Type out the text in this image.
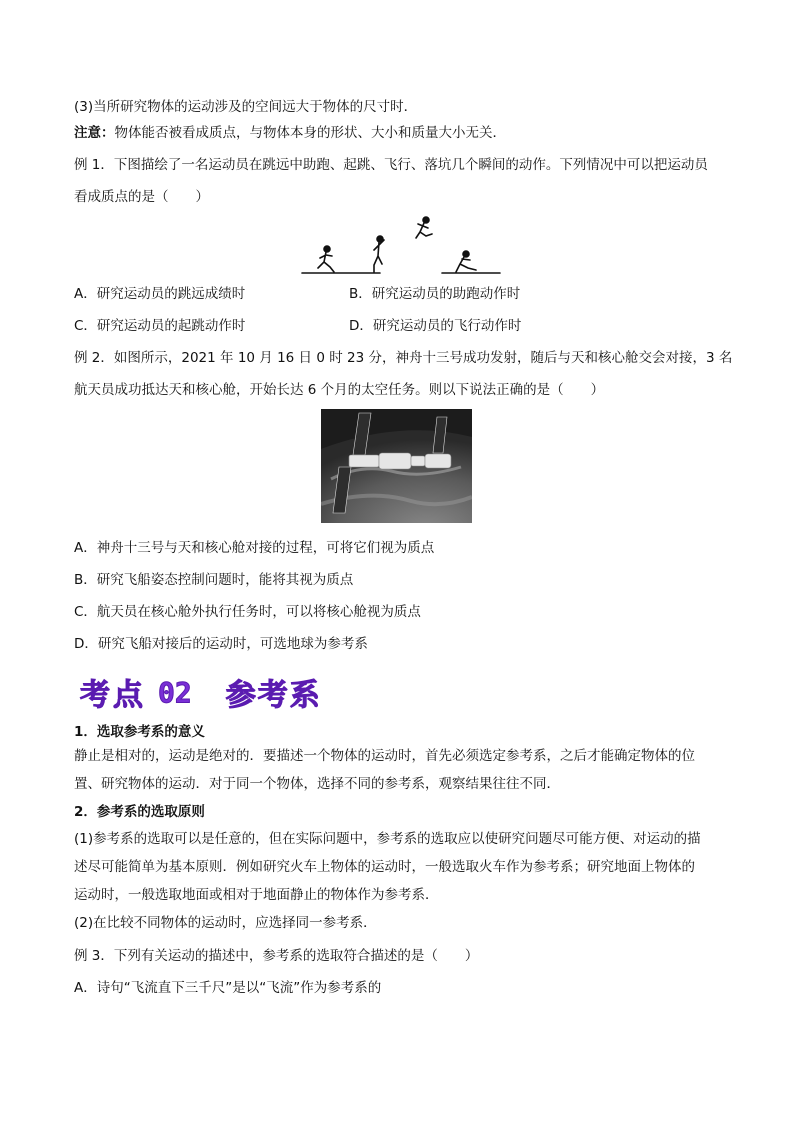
(3)当所研究物体的运动涉及的空间远大于物体的尺寸时．
注意：物体能否被看成质点，与物体本身的形状、大小和质量大小无关．
例 1．下图描绘了一名运动员在跳远中助跑、起跳、飞行、落坑几个瞬间的动作。下列情况中可以把运动员
看成质点的是（　　）
A．研究运动员的跳远成绩时	B．研究运动员的助跑动作时
C．研究运动员的起跳动作时	D．研究运动员的飞行动作时
例 2．如图所示，2021 年 10 月 16 日 0 时 23 分，神舟十三号成功发射，随后与天和核心舱交会对接，3 名
航天员成功抵达天和核心舱，开始长达 6 个月的太空任务。则以下说法正确的是（　　）
A．神舟十三号与天和核心舱对接的过程，可将它们视为质点
B．研究飞船姿态控制问题时，能将其视为质点
C．航天员在核心舱外执行任务时，可以将核心舱视为质点
D．研究飞船对接后的运动时，可选地球为参考系
考点 02 参考系
1．选取参考系的意义
静止是相对的，运动是绝对的．要描述一个物体的运动时，首先必须选定参考系，之后才能确定物体的位
置、研究物体的运动．对于同一个物体，选择不同的参考系，观察结果往往不同．
2．参考系的选取原则
(1)参考系的选取可以是任意的，但在实际问题中，参考系的选取应以使研究问题尽可能方便、对运动的描
述尽可能简单为基本原则．例如研究火车上物体的运动时，一般选取火车作为参考系；研究地面上物体的
运动时，一般选取地面或相对于地面静止的物体作为参考系．
(2)在比较不同物体的运动时，应选择同一参考系．
例 3．下列有关运动的描述中，参考系的选取符合描述的是（　　）
A．诗句“飞流直下三千尺”是以“飞流”作为参考系的
